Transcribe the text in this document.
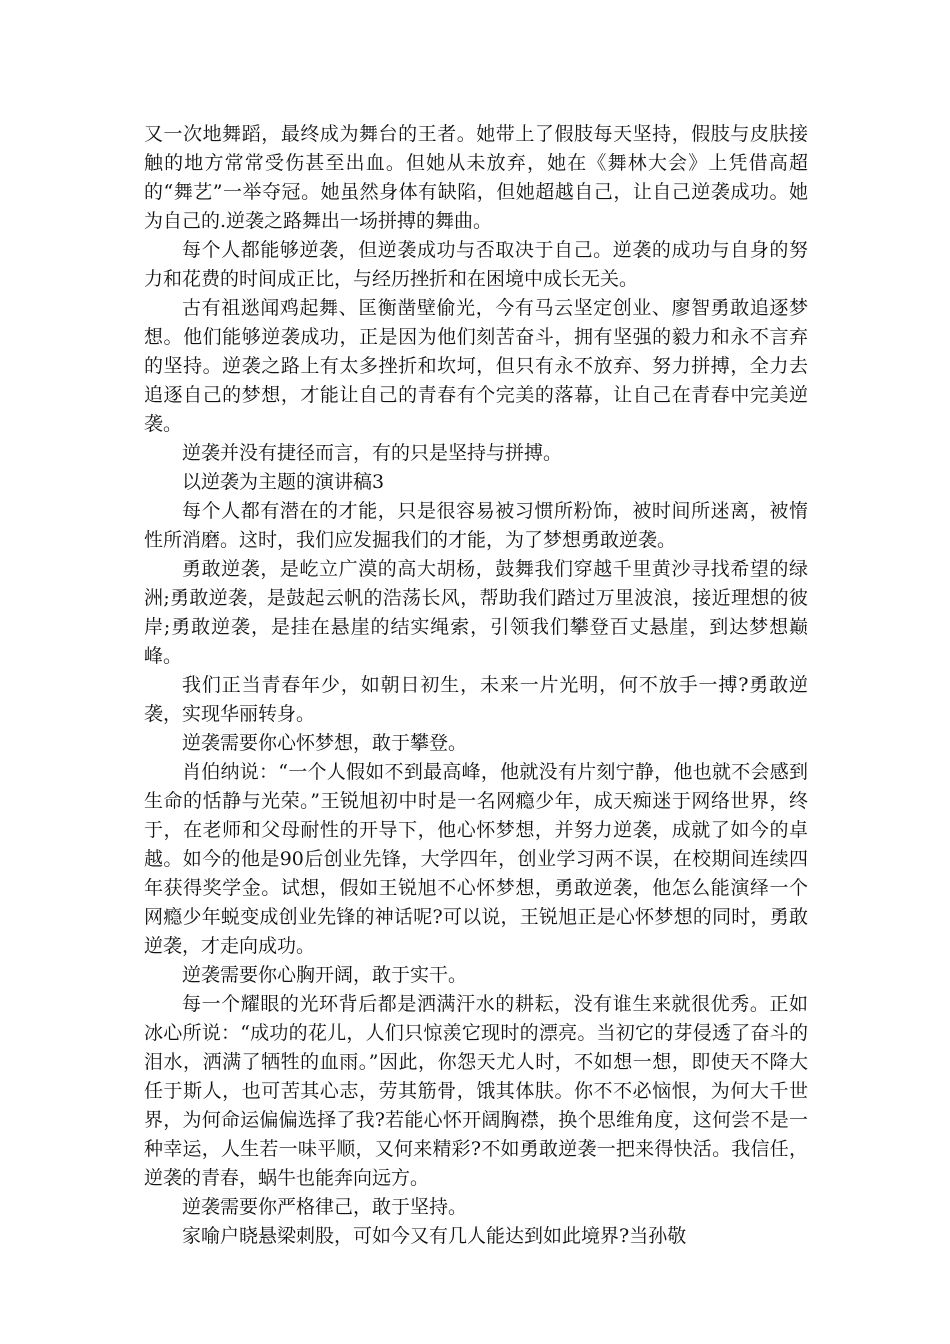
又一次地舞蹈，最终成为舞台的王者。她带上了假肢每天坚持，假肢与皮肤接触的地方常常受伤甚至出血。但她从未放弃，她在《舞林大会》上凭借高超的“舞艺”一举夺冠。她虽然身体有缺陷，但她超越自己，让自己逆袭成功。她为自己的.逆袭之路舞出一场拼搏的舞曲。

每个人都能够逆袭，但逆袭成功与否取决于自己。逆袭的成功与自身的努力和花费的时间成正比，与经历挫折和在困境中成长无关。

古有祖逖闻鸡起舞、匡衡凿壁偷光，今有马云坚定创业、廖智勇敢追逐梦想。他们能够逆袭成功，正是因为他们刻苦奋斗，拥有坚强的毅力和永不言弃的坚持。逆袭之路上有太多挫折和坎坷，但只有永不放弃、努力拼搏，全力去追逐自己的梦想，才能让自己的青春有个完美的落幕，让自己在青春中完美逆袭。

逆袭并没有捷径而言，有的只是坚持与拼搏。

以逆袭为主题的演讲稿3

每个人都有潜在的才能，只是很容易被习惯所粉饰，被时间所迷离，被惰性所消磨。这时，我们应发掘我们的才能，为了梦想勇敢逆袭。

勇敢逆袭，是屹立广漠的高大胡杨，鼓舞我们穿越千里黄沙寻找希望的绿洲;勇敢逆袭，是鼓起云帆的浩荡长风，帮助我们踏过万里波浪，接近理想的彼岸;勇敢逆袭，是挂在悬崖的结实绳索，引领我们攀登百丈悬崖，到达梦想巅峰。

我们正当青春年少，如朝日初生，未来一片光明，何不放手一搏?勇敢逆袭，实现华丽转身。

逆袭需要你心怀梦想，敢于攀登。

肖伯纳说：“一个人假如不到最高峰，他就没有片刻宁静，他也就不会感到生命的恬静与光荣。”王锐旭初中时是一名网瘾少年，成天痴迷于网络世界，终于，在老师和父母耐性的开导下，他心怀梦想，并努力逆袭，成就了如今的卓越。如今的他是90后创业先锋，大学四年，创业学习两不误，在校期间连续四年获得奖学金。试想，假如王锐旭不心怀梦想，勇敢逆袭，他怎么能演绎一个网瘾少年蜕变成创业先锋的神话呢?可以说，王锐旭正是心怀梦想的同时，勇敢逆袭，才走向成功。

逆袭需要你心胸开阔，敢于实干。

每一个耀眼的光环背后都是洒满汗水的耕耘，没有谁生来就很优秀。正如冰心所说：“成功的花儿，人们只惊羡它现时的漂亮。当初它的芽侵透了奋斗的泪水，洒满了牺牲的血雨。”因此，你怨天尤人时，不如想一想，即使天不降大任于斯人，也可苦其心志，劳其筋骨，饿其体肤。你不不必恼恨，为何大千世界，为何命运偏偏选择了我?若能心怀开阔胸襟，换个思维角度，这何尝不是一种幸运，人生若一味平顺，又何来精彩?不如勇敢逆袭一把来得快活。我信任，逆袭的青春，蜗牛也能奔向远方。

逆袭需要你严格律己，敢于坚持。

家喻户晓悬梁刺股，可如今又有几人能达到如此境界?当孙敬
